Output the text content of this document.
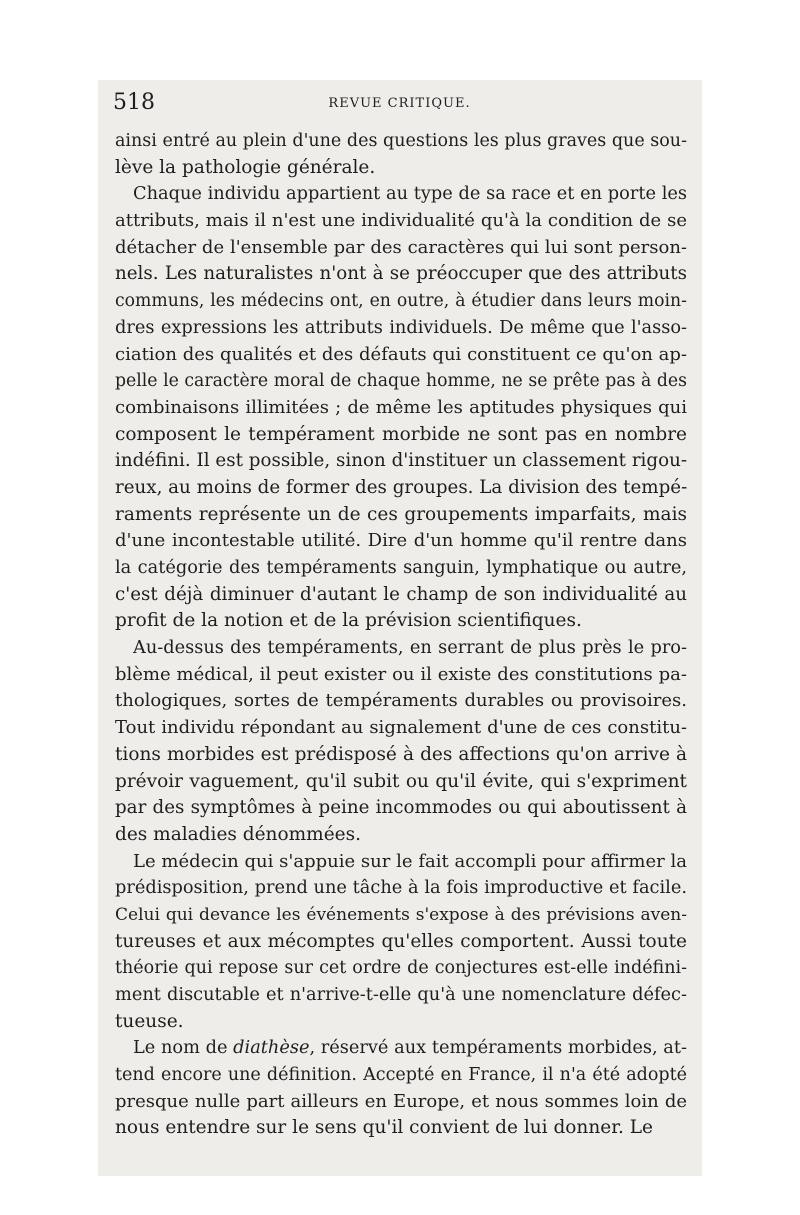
518	REVUE CRITIQUE.
ainsi entré au plein d'une des questions les plus graves que sou-
lève la pathologie générale.
Chaque individu appartient au type de sa race et en porte les
attributs, mais il n'est une individualité qu'à la condition de se
détacher de l'ensemble par des caractères qui lui sont person-
nels. Les naturalistes n'ont à se préoccuper que des attributs
communs, les médecins ont, en outre, à étudier dans leurs moin-
dres expressions les attributs individuels. De même que l'asso-
ciation des qualités et des défauts qui constituent ce qu'on ap-
pelle le caractère moral de chaque homme, ne se prête pas à des
combinaisons illimitées ; de même les aptitudes physiques qui
composent le tempérament morbide ne sont pas en nombre
indéfini. Il est possible, sinon d'instituer un classement rigou-
reux, au moins de former des groupes. La division des tempé-
raments représente un de ces groupements imparfaits, mais
d'une incontestable utilité. Dire d'un homme qu'il rentre dans
la catégorie des tempéraments sanguin, lymphatique ou autre,
c'est déjà diminuer d'autant le champ de son individualité au
profit de la notion et de la prévision scientifiques.
Au-dessus des tempéraments, en serrant de plus près le pro-
blème médical, il peut exister ou il existe des constitutions pa-
thologiques, sortes de tempéraments durables ou provisoires.
Tout individu répondant au signalement d'une de ces constitu-
tions morbides est prédisposé à des affections qu'on arrive à
prévoir vaguement, qu'il subit ou qu'il évite, qui s'expriment
par des symptômes à peine incommodes ou qui aboutissent à
des maladies dénommées.
Le médecin qui s'appuie sur le fait accompli pour affirmer la
prédisposition, prend une tâche à la fois improductive et facile.
Celui qui devance les événements s'expose à des prévisions aven-
tureuses et aux mécomptes qu'elles comportent. Aussi toute
théorie qui repose sur cet ordre de conjectures est-elle indéfini-
ment discutable et n'arrive-t-elle qu'à une nomenclature défec-
tueuse.
Le nom de diathèse, réservé aux tempéraments morbides, at-
tend encore une définition. Accepté en France, il n'a été adopté
presque nulle part ailleurs en Europe, et nous sommes loin de
nous entendre sur le sens qu'il convient de lui donner. Le
